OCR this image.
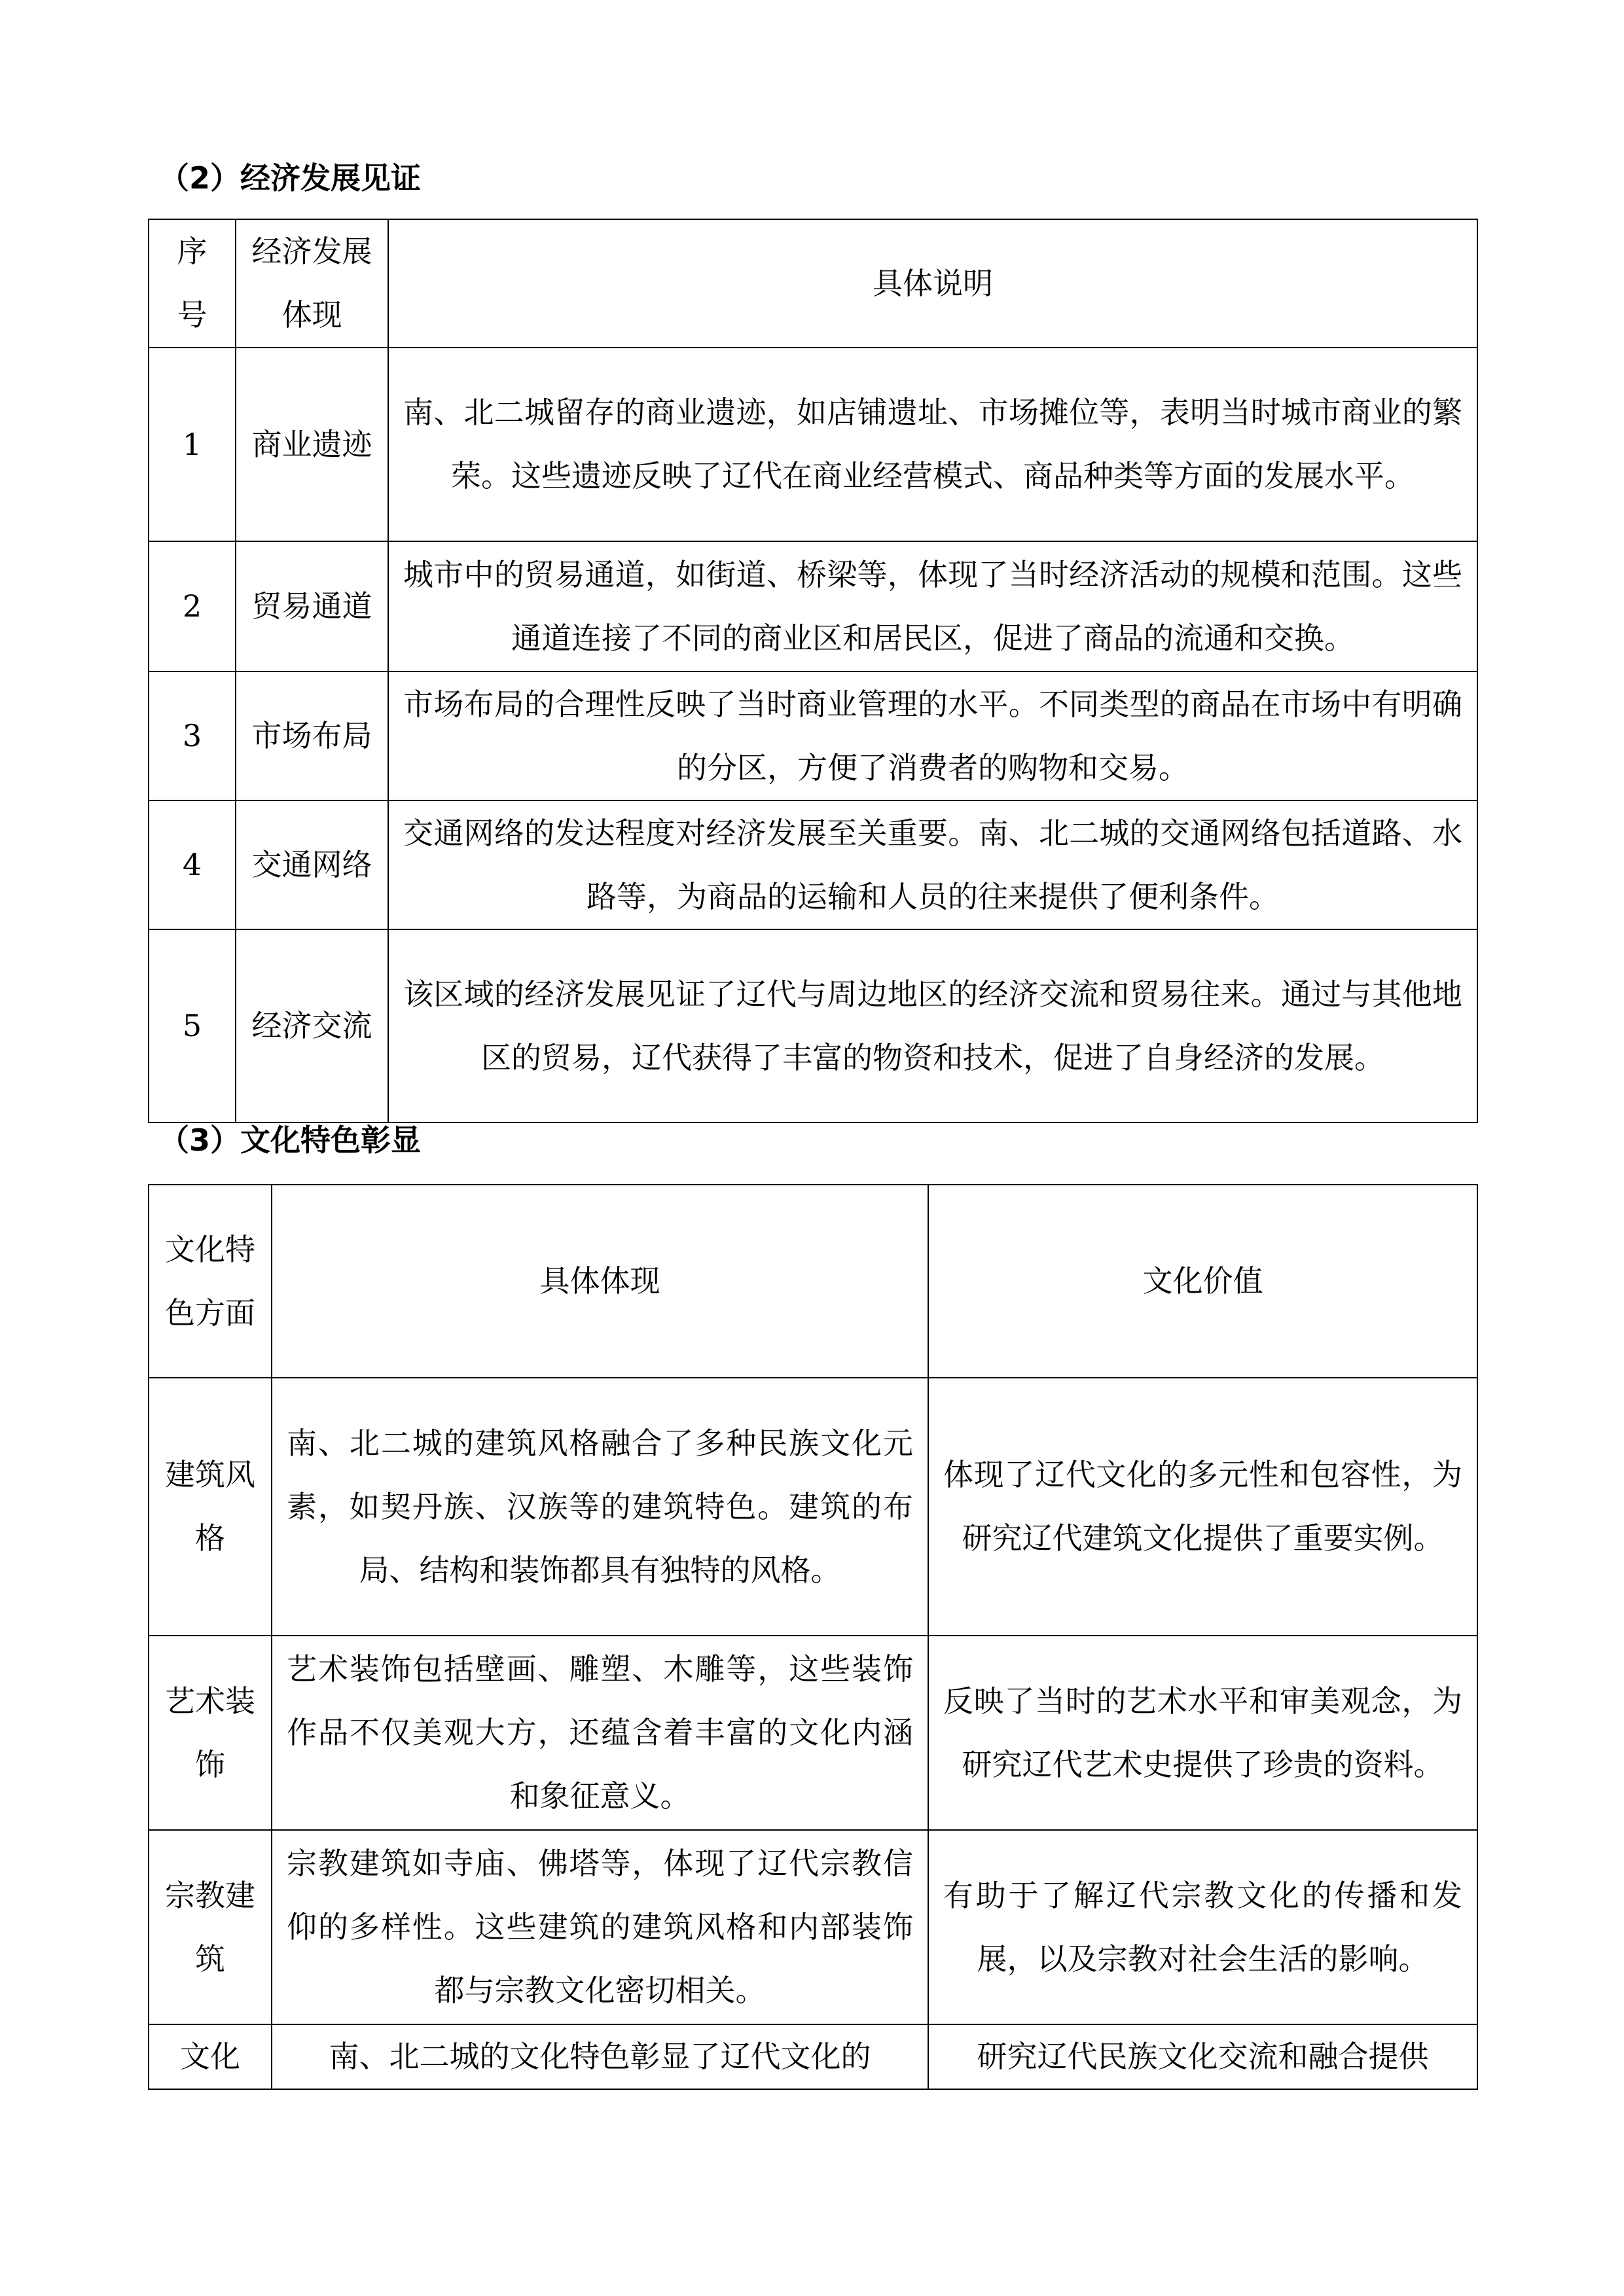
（2）经济发展见证
序号	经济发展体现	具体说明
1	商业遗迹	南、北二城留存的商业遗迹，如店铺遗址、市场摊位等，表明当时城市商业的繁荣。这些遗迹反映了辽代在商业经营模式、商品种类等方面的发展水平。
2	贸易通道	城市中的贸易通道，如街道、桥梁等，体现了当时经济活动的规模和范围。这些通道连接了不同的商业区和居民区，促进了商品的流通和交换。
3	市场布局	市场布局的合理性反映了当时商业管理的水平。不同类型的商品在市场中有明确的分区，方便了消费者的购物和交易。
4	交通网络	交通网络的发达程度对经济发展至关重要。南、北二城的交通网络包括道路、水路等，为商品的运输和人员的往来提供了便利条件。
5	经济交流	该区域的经济发展见证了辽代与周边地区的经济交流和贸易往来。通过与其他地区的贸易，辽代获得了丰富的物资和技术，促进了自身经济的发展。
（3）文化特色彰显
文化特色方面	具体体现	文化价值
建筑风格	南、北二城的建筑风格融合了多种民族文化元素，如契丹族、汉族等的建筑特色。建筑的布局、结构和装饰都具有独特的风格。	体现了辽代文化的多元性和包容性，为研究辽代建筑文化提供了重要实例。
艺术装饰	艺术装饰包括壁画、雕塑、木雕等，这些装饰作品不仅美观大方，还蕴含着丰富的文化内涵和象征意义。	反映了当时的艺术水平和审美观念，为研究辽代艺术史提供了珍贵的资料。
宗教建筑	宗教建筑如寺庙、佛塔等，体现了辽代宗教信仰的多样性。这些建筑的建筑风格和内部装饰都与宗教文化密切相关。	有助于了解辽代宗教文化的传播和发展，以及宗教对社会生活的影响。
文化	南、北二城的文化特色彰显了辽代文化的	研究辽代民族文化交流和融合提供
